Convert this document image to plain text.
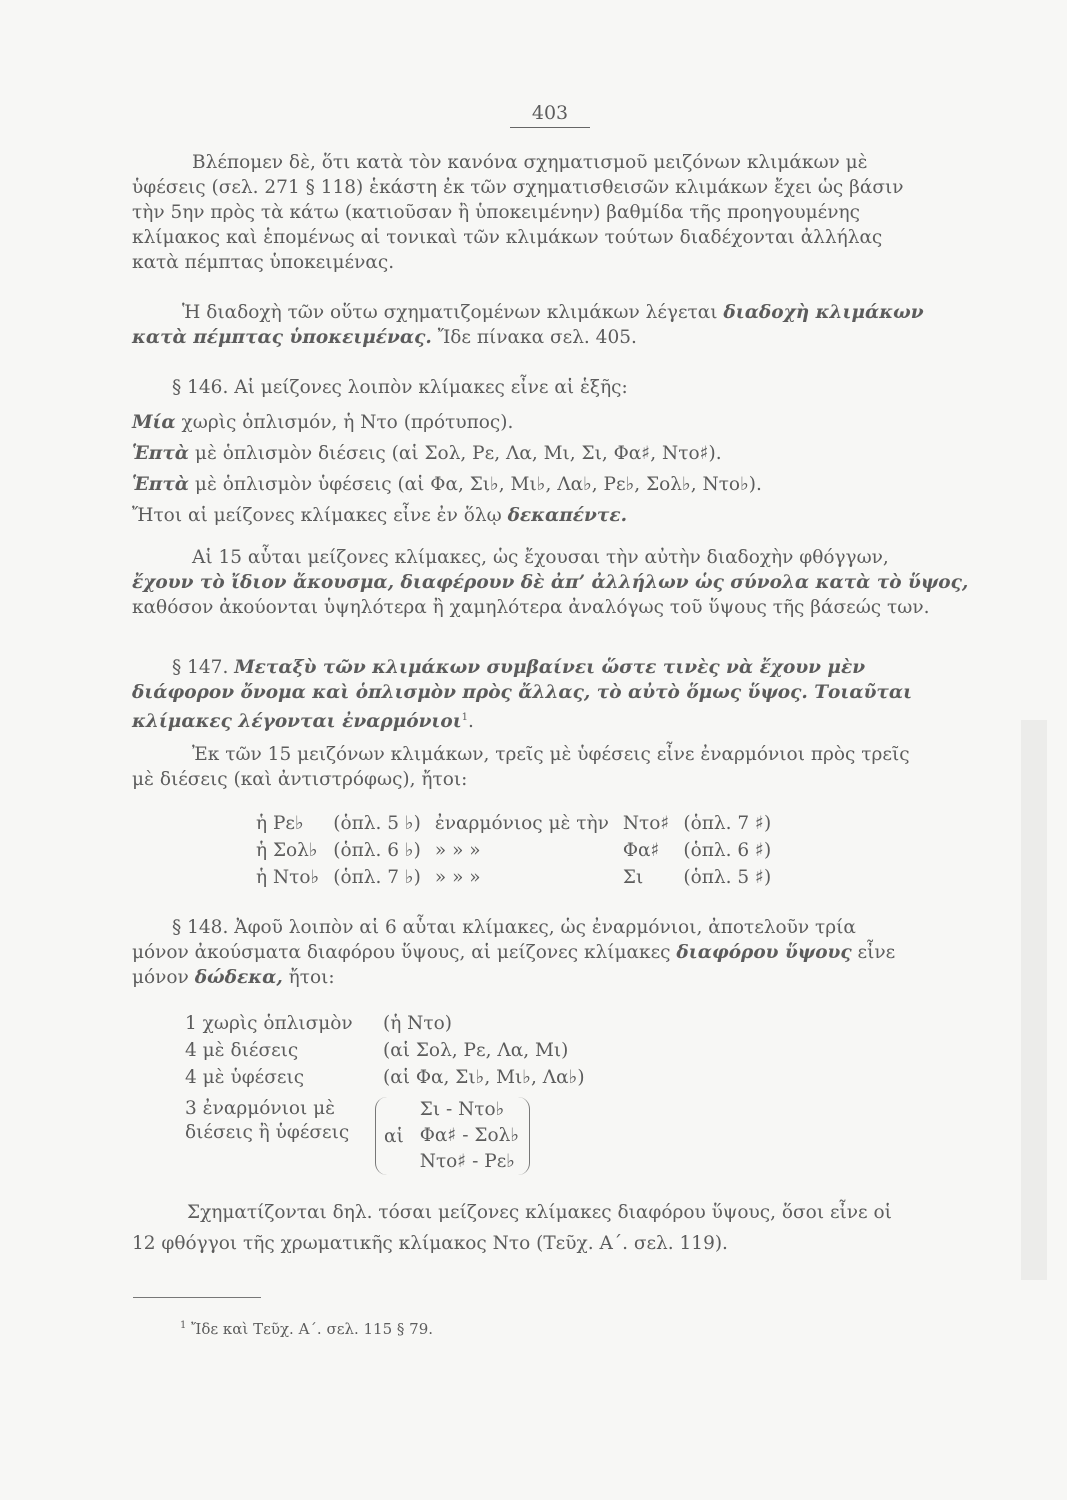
403
Βλέπομεν δὲ, ὅτι κατὰ τὸν κανόνα σχηματισμοῦ μειζόνων κλιμάκων μὲ
ὑφέσεις (σελ. 271 § 118) ἑκάστη ἐκ τῶν σχηματισθεισῶν κλιμάκων ἔχει ὡς βάσιν
τὴν 5ην πρὸς τὰ κάτω (κατιοῦσαν ἢ ὑποκειμένην) βαθμίδα τῆς προηγουμένης
κλίμακος καὶ ἑπομένως αἱ τονικαὶ τῶν κλιμάκων τούτων διαδέχονται ἀλλήλας
κατὰ πέμπτας ὑποκειμένας.
Ἡ διαδοχὴ τῶν οὕτω σχηματιζομένων κλιμάκων λέγεται διαδοχὴ κλιμάκων
κατὰ πέμπτας ὑποκειμένας. Ἴδε πίνακα σελ. 405.
§ 146. Αἱ μείζονες λοιπὸν κλίμακες εἶνε αἱ ἑξῆς:
Μία χωρὶς ὁπλισμόν, ἡ Ντο (πρότυπος).
Ἑπτὰ μὲ ὁπλισμὸν διέσεις (αἱ Σολ, Ρε, Λα, Μι, Σι, Φα♯, Ντο♯).
Ἑπτὰ μὲ ὁπλισμὸν ὑφέσεις (αἱ Φα, Σι♭, Μι♭, Λα♭, Ρε♭, Σολ♭, Ντο♭).
Ἤτοι αἱ μείζονες κλίμακες εἶνε ἐν ὅλῳ δεκαπέντε.
Αἱ 15 αὗται μείζονες κλίμακες, ὡς ἔχουσαι τὴν αὐτὴν διαδοχὴν φθόγγων,
ἔχουν τὸ ἴδιον ἄκουσμα, διαφέρουν δὲ ἀπ’ ἀλλήλων ὡς σύνολα κατὰ τὸ ὕψος,
καθόσον ἀκούονται ὑψηλότερα ἢ χαμηλότερα ἀναλόγως τοῦ ὕψους τῆς βάσεώς των.
§ 147. Μεταξὺ τῶν κλιμάκων συμβαίνει ὥστε τινὲς νὰ ἔχουν μὲν
διάφορον ὄνομα καὶ ὁπλισμὸν πρὸς ἄλλας, τὸ αὐτὸ ὅμως ὕψος. Τοιαῦται
κλίμακες λέγονται ἐναρμόνιοι$^1$.
Ἐκ τῶν 15 μειζόνων κλιμάκων, τρεῖς μὲ ὑφέσεις εἶνε ἐναρμόνιοι πρὸς τρεῖς
μὲ διέσεις (καὶ ἀντιστρόφως), ἤτοι:
ἡ Ρε♭	(ὁπλ. 5 ♭)	ἐναρμόνιος μὲ τὴν	Ντο♯	(ὁπλ. 7 ♯)
ἡ Σολ♭	(ὁπλ. 6 ♭)	» » »	Φα♯	(ὁπλ. 6 ♯)
ἡ Ντο♭	(ὁπλ. 7 ♭)	» » »	Σι	(ὁπλ. 5 ♯)
§ 148. Ἀφοῦ λοιπὸν αἱ 6 αὗται κλίμακες, ὡς ἐναρμόνιοι, ἀποτελοῦν τρία
μόνον ἀκούσματα διαφόρου ὕψους, αἱ μείζονες κλίμακες διαφόρου ὕψους εἶνε
μόνον δώδεκα, ἤτοι:
1 χωρὶς ὁπλισμὸν	(ἡ Ντο)
4 μὲ διέσεις	(αἱ Σολ, Ρε, Λα, Μι)
4 μὲ ὑφέσεις	(αἱ Φα, Σι♭, Μι♭, Λα♭)
3 ἐναρμόνιοι μὲ
διέσεις ἢ ὑφέσεις	αἱ
Σι - Ντο♭
Φα♯ - Σολ♭
Ντο♯ - Ρε♭
Σχηματίζονται δηλ. τόσαι μείζονες κλίμακες διαφόρου ὕψους, ὅσοι εἶνε οἱ
12 φθόγγοι τῆς χρωματικῆς κλίμακος Ντο (Τεῦχ. Α΄. σελ. 119).
$^1$ Ἴδε καὶ Τεῦχ. Α΄. σελ. 115 § 79.
